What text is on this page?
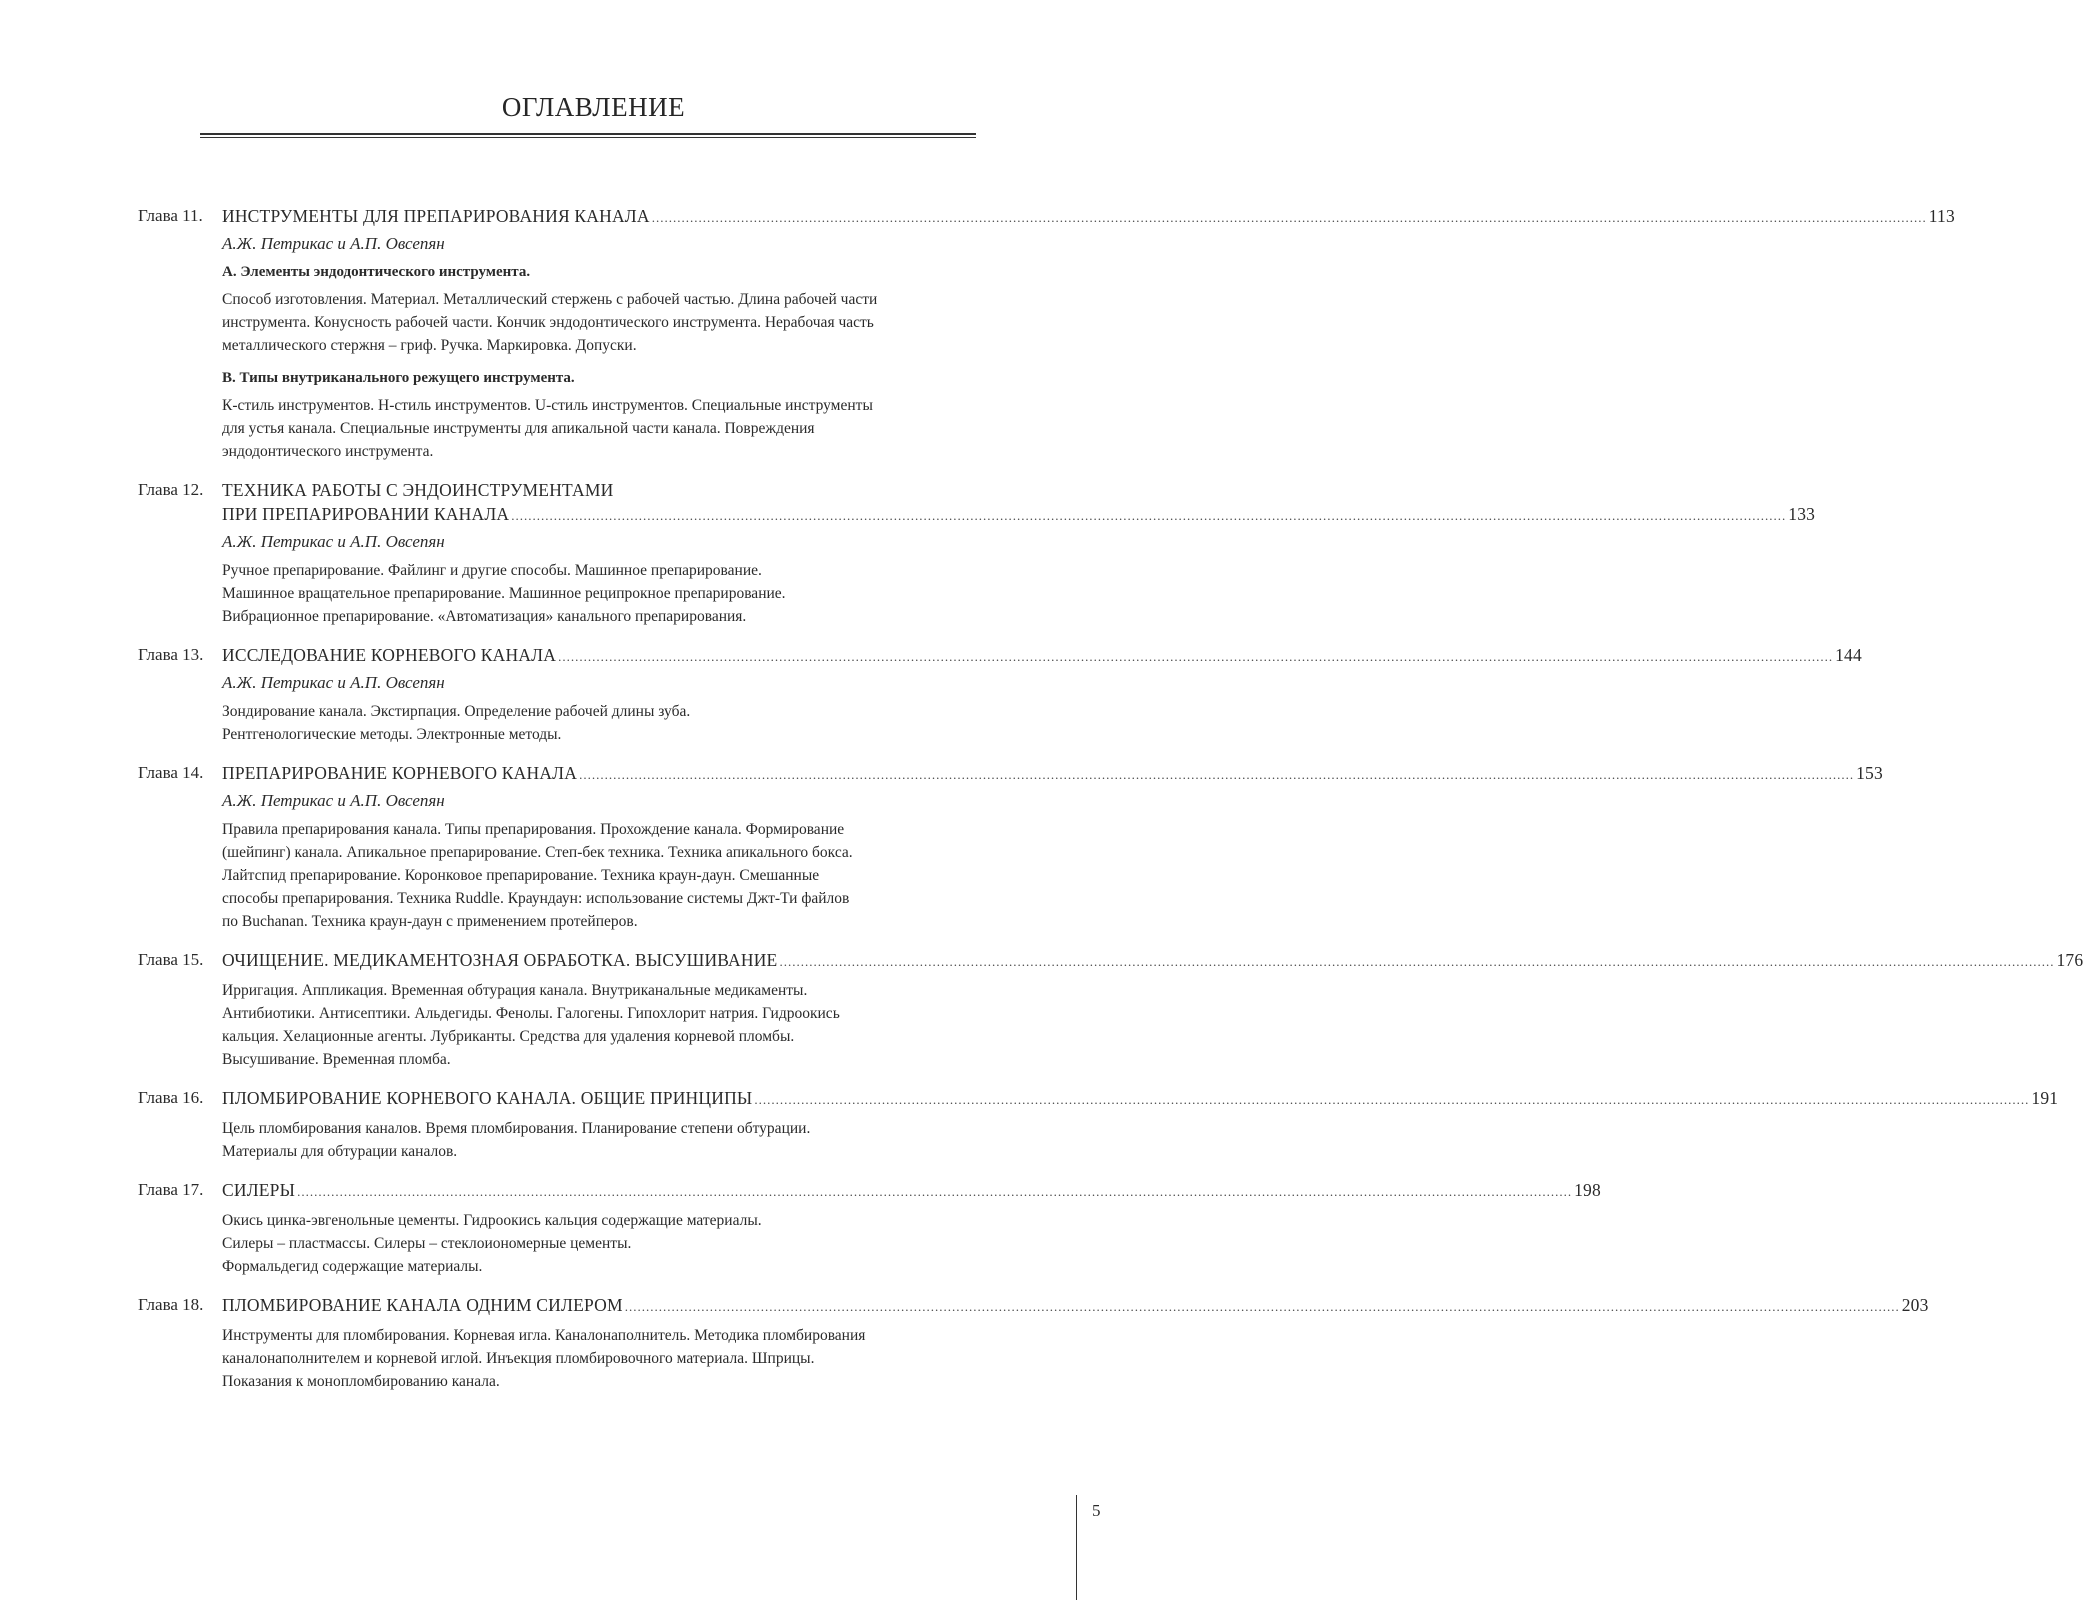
ОГЛАВЛЕНИЕ
Глава 11.	ИНСТРУМЕНТЫ ДЛЯ ПРЕПАРИРОВАНИЯ КАНАЛА ............................................................................................................................................................................................................................................................................................................ 113
А.Ж. Петрикас и А.П. Овсепян
А. Элементы эндодонтического инструмента.
Способ изготовления. Материал. Металлический стержень с рабочей частью. Длина рабочей части
инструмента. Конусность рабочей части. Кончик эндодонтического инструмента. Нерабочая часть
металлического стержня – гриф. Ручка. Маркировка. Допуски.
B. Типы внутриканального режущего инструмента.
К-стиль инструментов. Н-стиль инструментов. U-стиль инструментов. Специальные инструменты
для устья канала. Специальные инструменты для апикальной части канала. Повреждения
эндодонтического инструмента.
Глава 12.	ТЕХНИКА РАБОТЫ С ЭНДОИНСТРУМЕНТАМИ
ПРИ ПРЕПАРИРОВАНИИ КАНАЛА ............................................................................................................................................................................................................................................................................................................ 133
А.Ж. Петрикас и А.П. Овсепян
Ручное препарирование. Файлинг и другие способы. Машинное препарирование.
Машинное вращательное препарирование. Машинное реципрокное препарирование.
Вибрационное препарирование. «Автоматизация» канального препарирования.
Глава 13.	ИССЛЕДОВАНИЕ КОРНЕВОГО КАНАЛА ............................................................................................................................................................................................................................................................................................................ 144
А.Ж. Петрикас и А.П. Овсепян
Зондирование канала. Экстирпация. Определение рабочей длины зуба.
Рентгенологические методы. Электронные методы.
Глава 14.	ПРЕПАРИРОВАНИЕ КОРНЕВОГО КАНАЛА ............................................................................................................................................................................................................................................................................................................ 153
А.Ж. Петрикас и А.П. Овсепян
Правила препарирования канала. Типы препарирования. Прохождение канала. Формирование
(шейпинг) канала. Апикальное препарирование. Степ-бек техника. Техника апикального бокса.
Лайтспид препарирование. Коронковое препарирование. Техника краун-даун. Смешанные
способы препарирования. Техника Ruddle. Краундаун: использование системы Джт-Ти файлов
по Buchanan. Техника краун-даун с применением протейперов.
Глава 15.	ОЧИЩЕНИЕ. МЕДИКАМЕНТОЗНАЯ ОБРАБОТКА. ВЫСУШИВАНИЕ ............................................................................................................................................................................................................................................................................................................ 176
Ирригация. Аппликация. Временная обтурация канала. Внутриканальные медикаменты.
Антибиотики. Антисептики. Альдегиды. Фенолы. Галогены. Гипохлорит натрия. Гидроокись
кальция. Хелационные агенты. Лубриканты. Средства для удаления корневой пломбы.
Высушивание. Временная пломба.
Глава 16.	ПЛОМБИРОВАНИЕ КОРНЕВОГО КАНАЛА. ОБЩИЕ ПРИНЦИПЫ ............................................................................................................................................................................................................................................................................................................ 191
Цель пломбирования каналов. Время пломбирования. Планирование степени обтурации.
Материалы для обтурации каналов.
Глава 17.	СИЛЕРЫ ............................................................................................................................................................................................................................................................................................................ 198
Окись цинка-эвгенольные цементы. Гидроокись кальция содержащие материалы.
Силеры – пластмассы. Силеры – стеклоиономерные цементы.
Формальдегид содержащие материалы.
Глава 18.	ПЛОМБИРОВАНИЕ КАНАЛА ОДНИМ СИЛЕРОМ ............................................................................................................................................................................................................................................................................................................ 203
Инструменты для пломбирования. Корневая игла. Каналонаполнитель. Методика пломбирования
каналонаполнителем и корневой иглой. Инъекция пломбировочного материала. Шприцы.
Показания к монопломбированию канала.
5
